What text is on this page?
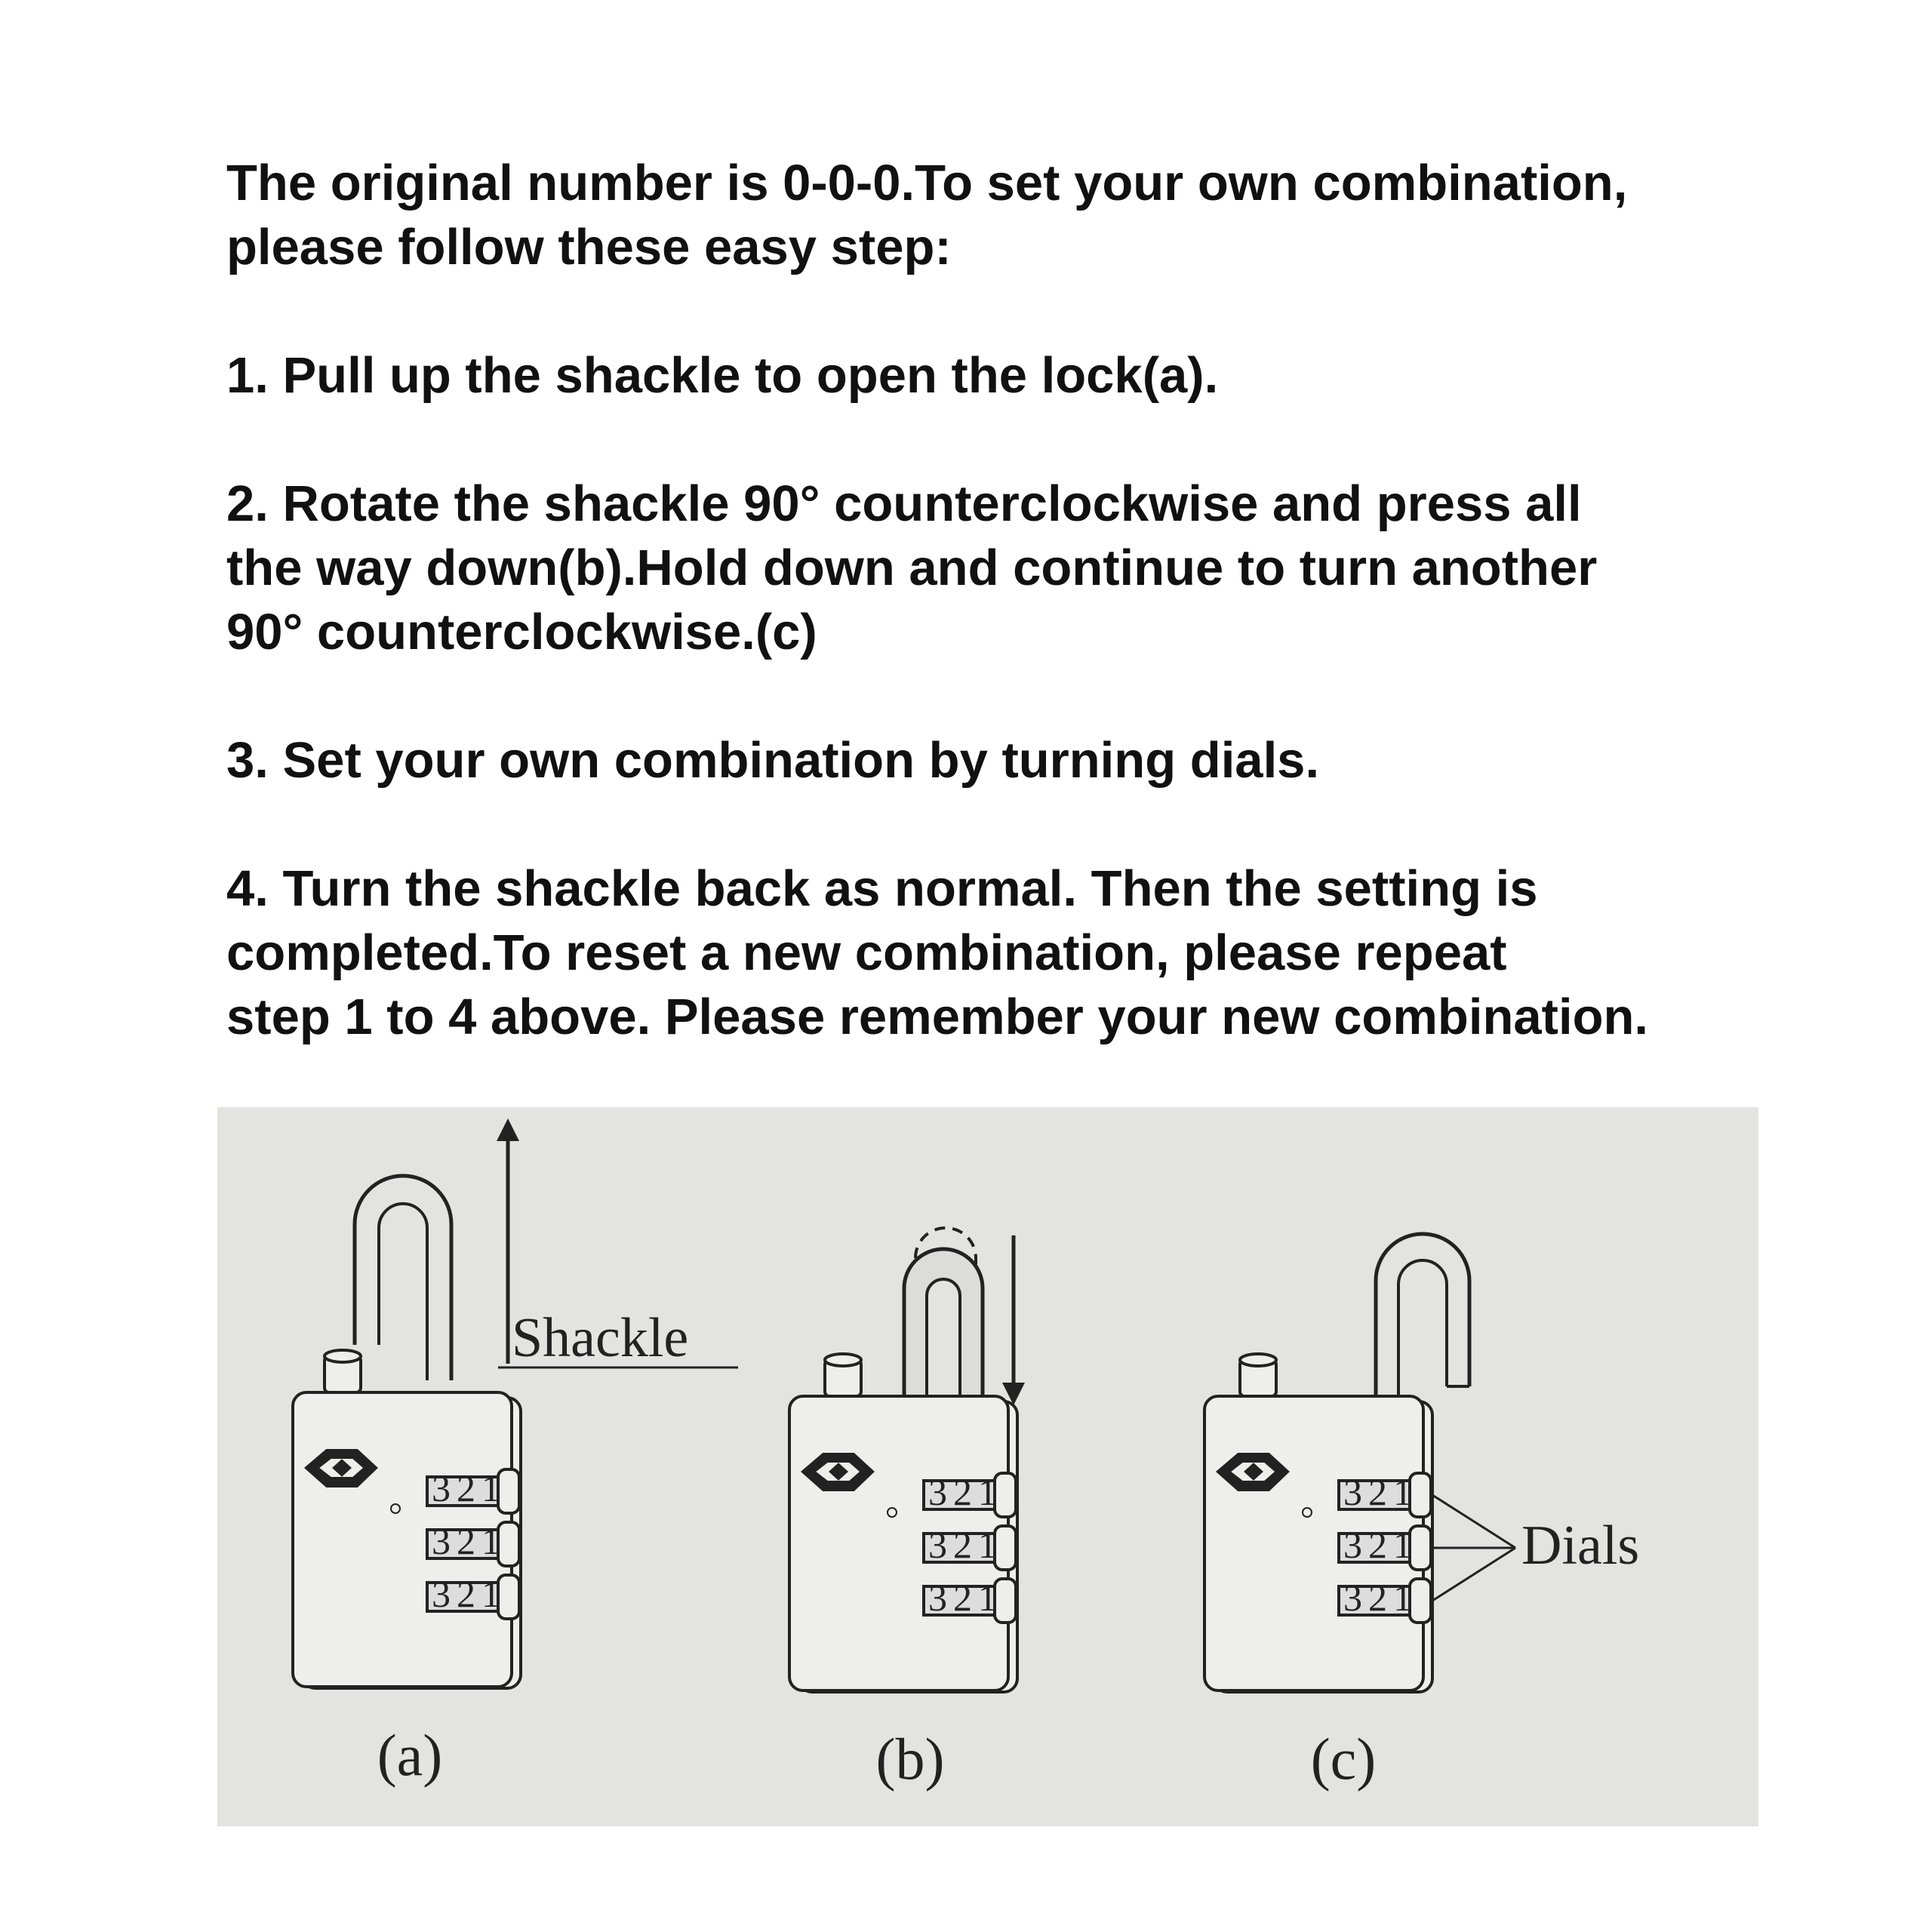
The original number is 0-0-0.To set your own combination,
please follow these easy step:

1. Pull up the shackle to open the lock(a).

2. Rotate the shackle 90° counterclockwise and press all
the way down(b).Hold down and continue to turn another
90° counterclockwise.(c)

3. Set your own combination by turning dials.

4. Turn the shackle back as normal. Then the setting is
completed.To reset a new combination, please repeat
step 1 to 4 above. Please remember your new combination.

3 2 1
3 2 1
3 2 1
Shackle
(a)
3 2 1
3 2 1
3 2 1
(b)
3 2 1
3 2 1
3 2 1
Dials
(c)
